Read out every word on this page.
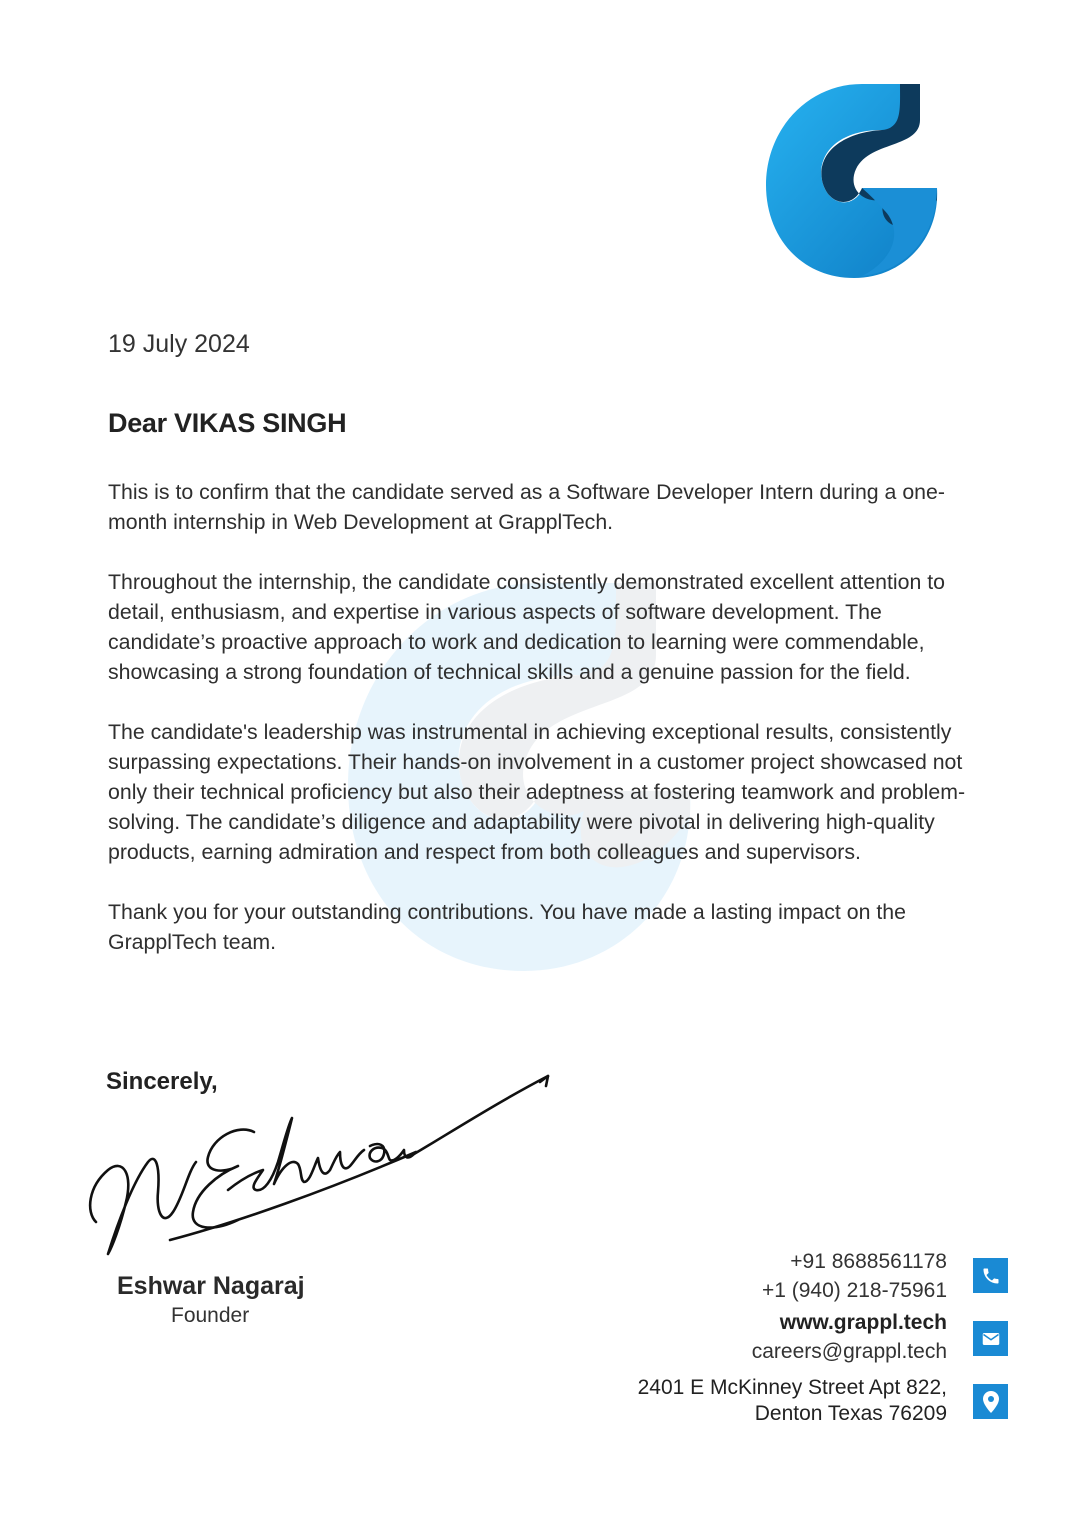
19 July 2024
Dear VIKAS SINGH

This is to confirm that the candidate served as a Software Developer Intern during a one-month internship in Web Development at GrapplTech.

Throughout the internship, the candidate consistently demonstrated excellent attention to detail, enthusiasm, and expertise in various aspects of software development. The candidate’s proactive approach to work and dedication to learning were commendable, showcasing a strong foundation of technical skills and a genuine passion for the field.

The candidate's leadership was instrumental in achieving exceptional results, consistently surpassing expectations. Their hands-on involvement in a customer project showcased not only their technical proficiency but also their adeptness at fostering teamwork and problem-solving. The candidate’s diligence and adaptability were pivotal in delivering high-quality products, earning admiration and respect from both colleagues and supervisors.

Thank you for your outstanding contributions. You have made a lasting impact on the GrapplTech team.

Sincerely,
Eshwar Nagaraj
Founder
+91 8688561178
+1 (940) 218-75961
www.grappl.tech
careers@grappl.tech
2401 E McKinney Street Apt 822,
Denton Texas 76209
